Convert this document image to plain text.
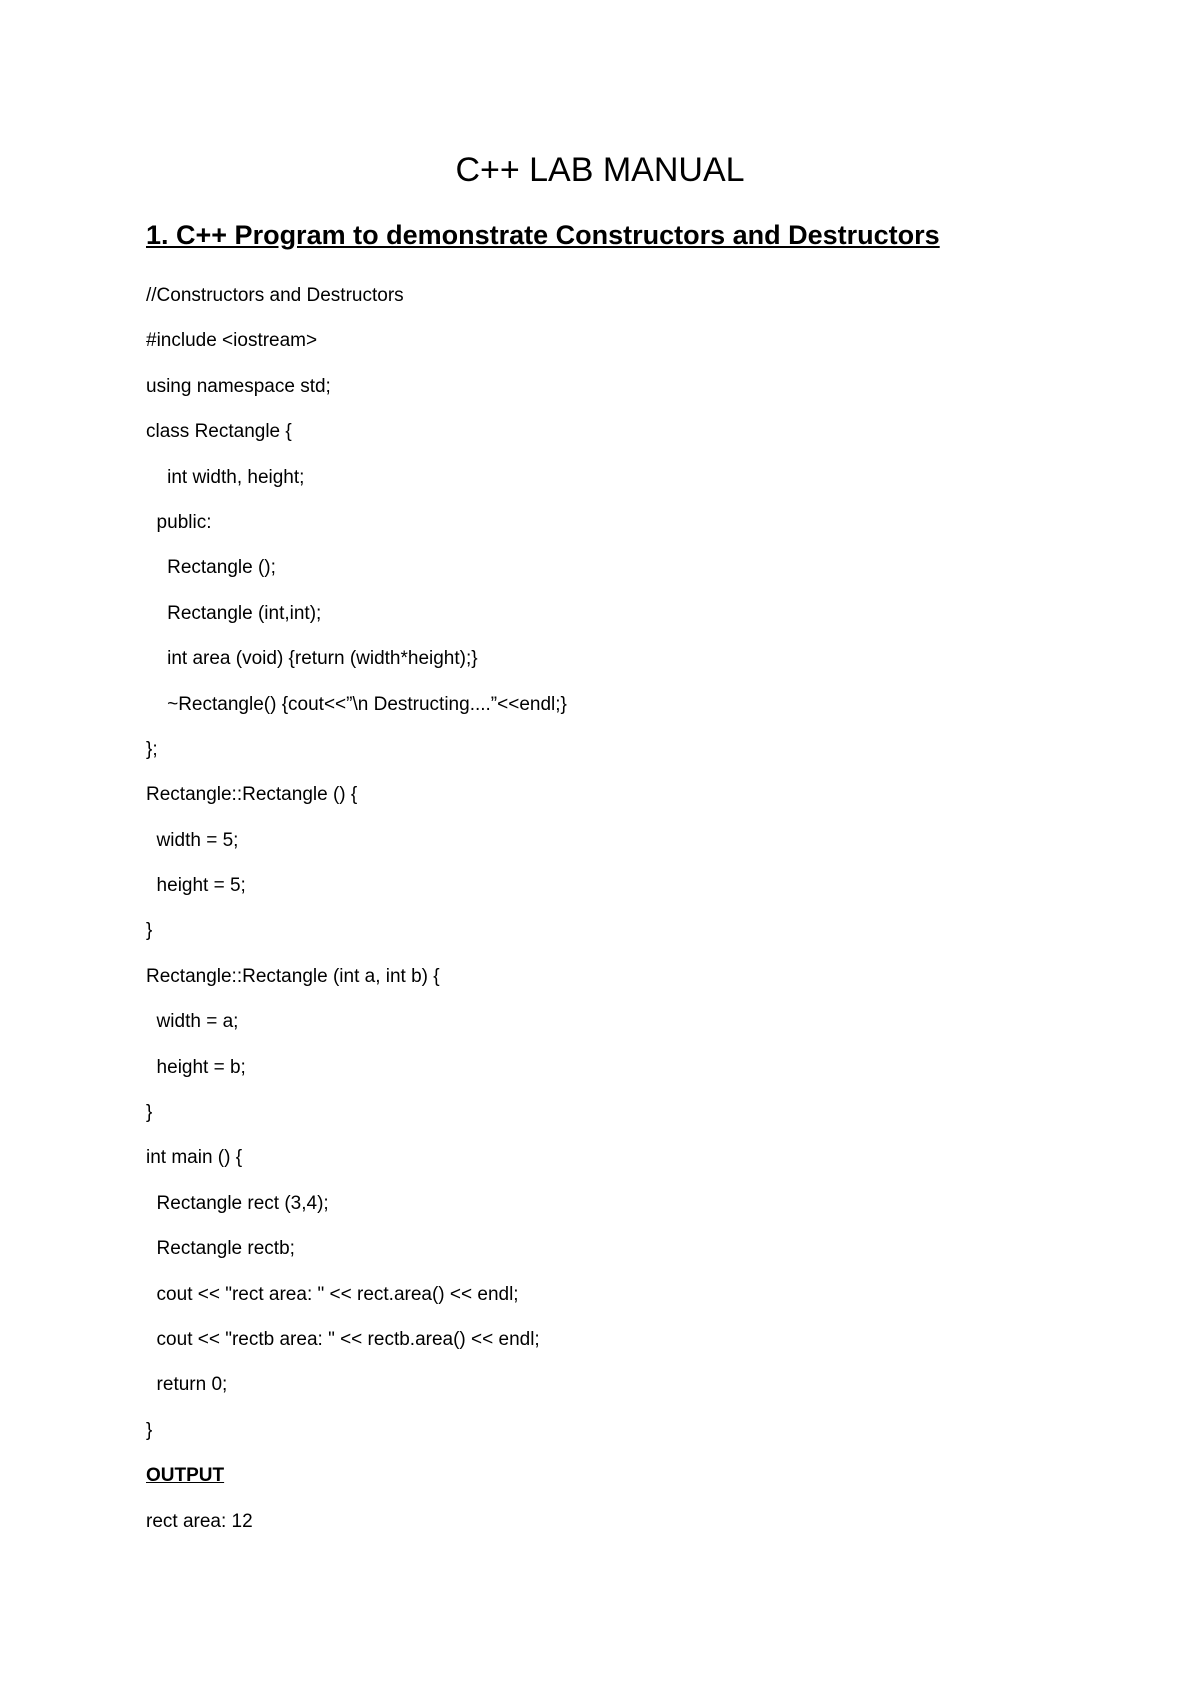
C++ LAB MANUAL
1. C++ Program to demonstrate Constructors and Destructors
//Constructors and Destructors
#include <iostream>
using namespace std;
class Rectangle {
int width, height;
public:
Rectangle ();
Rectangle (int,int);
int area (void) {return (width*height);}
~Rectangle() {cout<<”\n Destructing....”<<endl;}
};
Rectangle::Rectangle () {
width = 5;
height = 5;
}
Rectangle::Rectangle (int a, int b) {
width = a;
height = b;
}
int main () {
Rectangle rect (3,4);
Rectangle rectb;
cout << "rect area: " << rect.area() << endl;
cout << "rectb area: " << rectb.area() << endl;
return 0;
}
OUTPUT
rect area: 12
